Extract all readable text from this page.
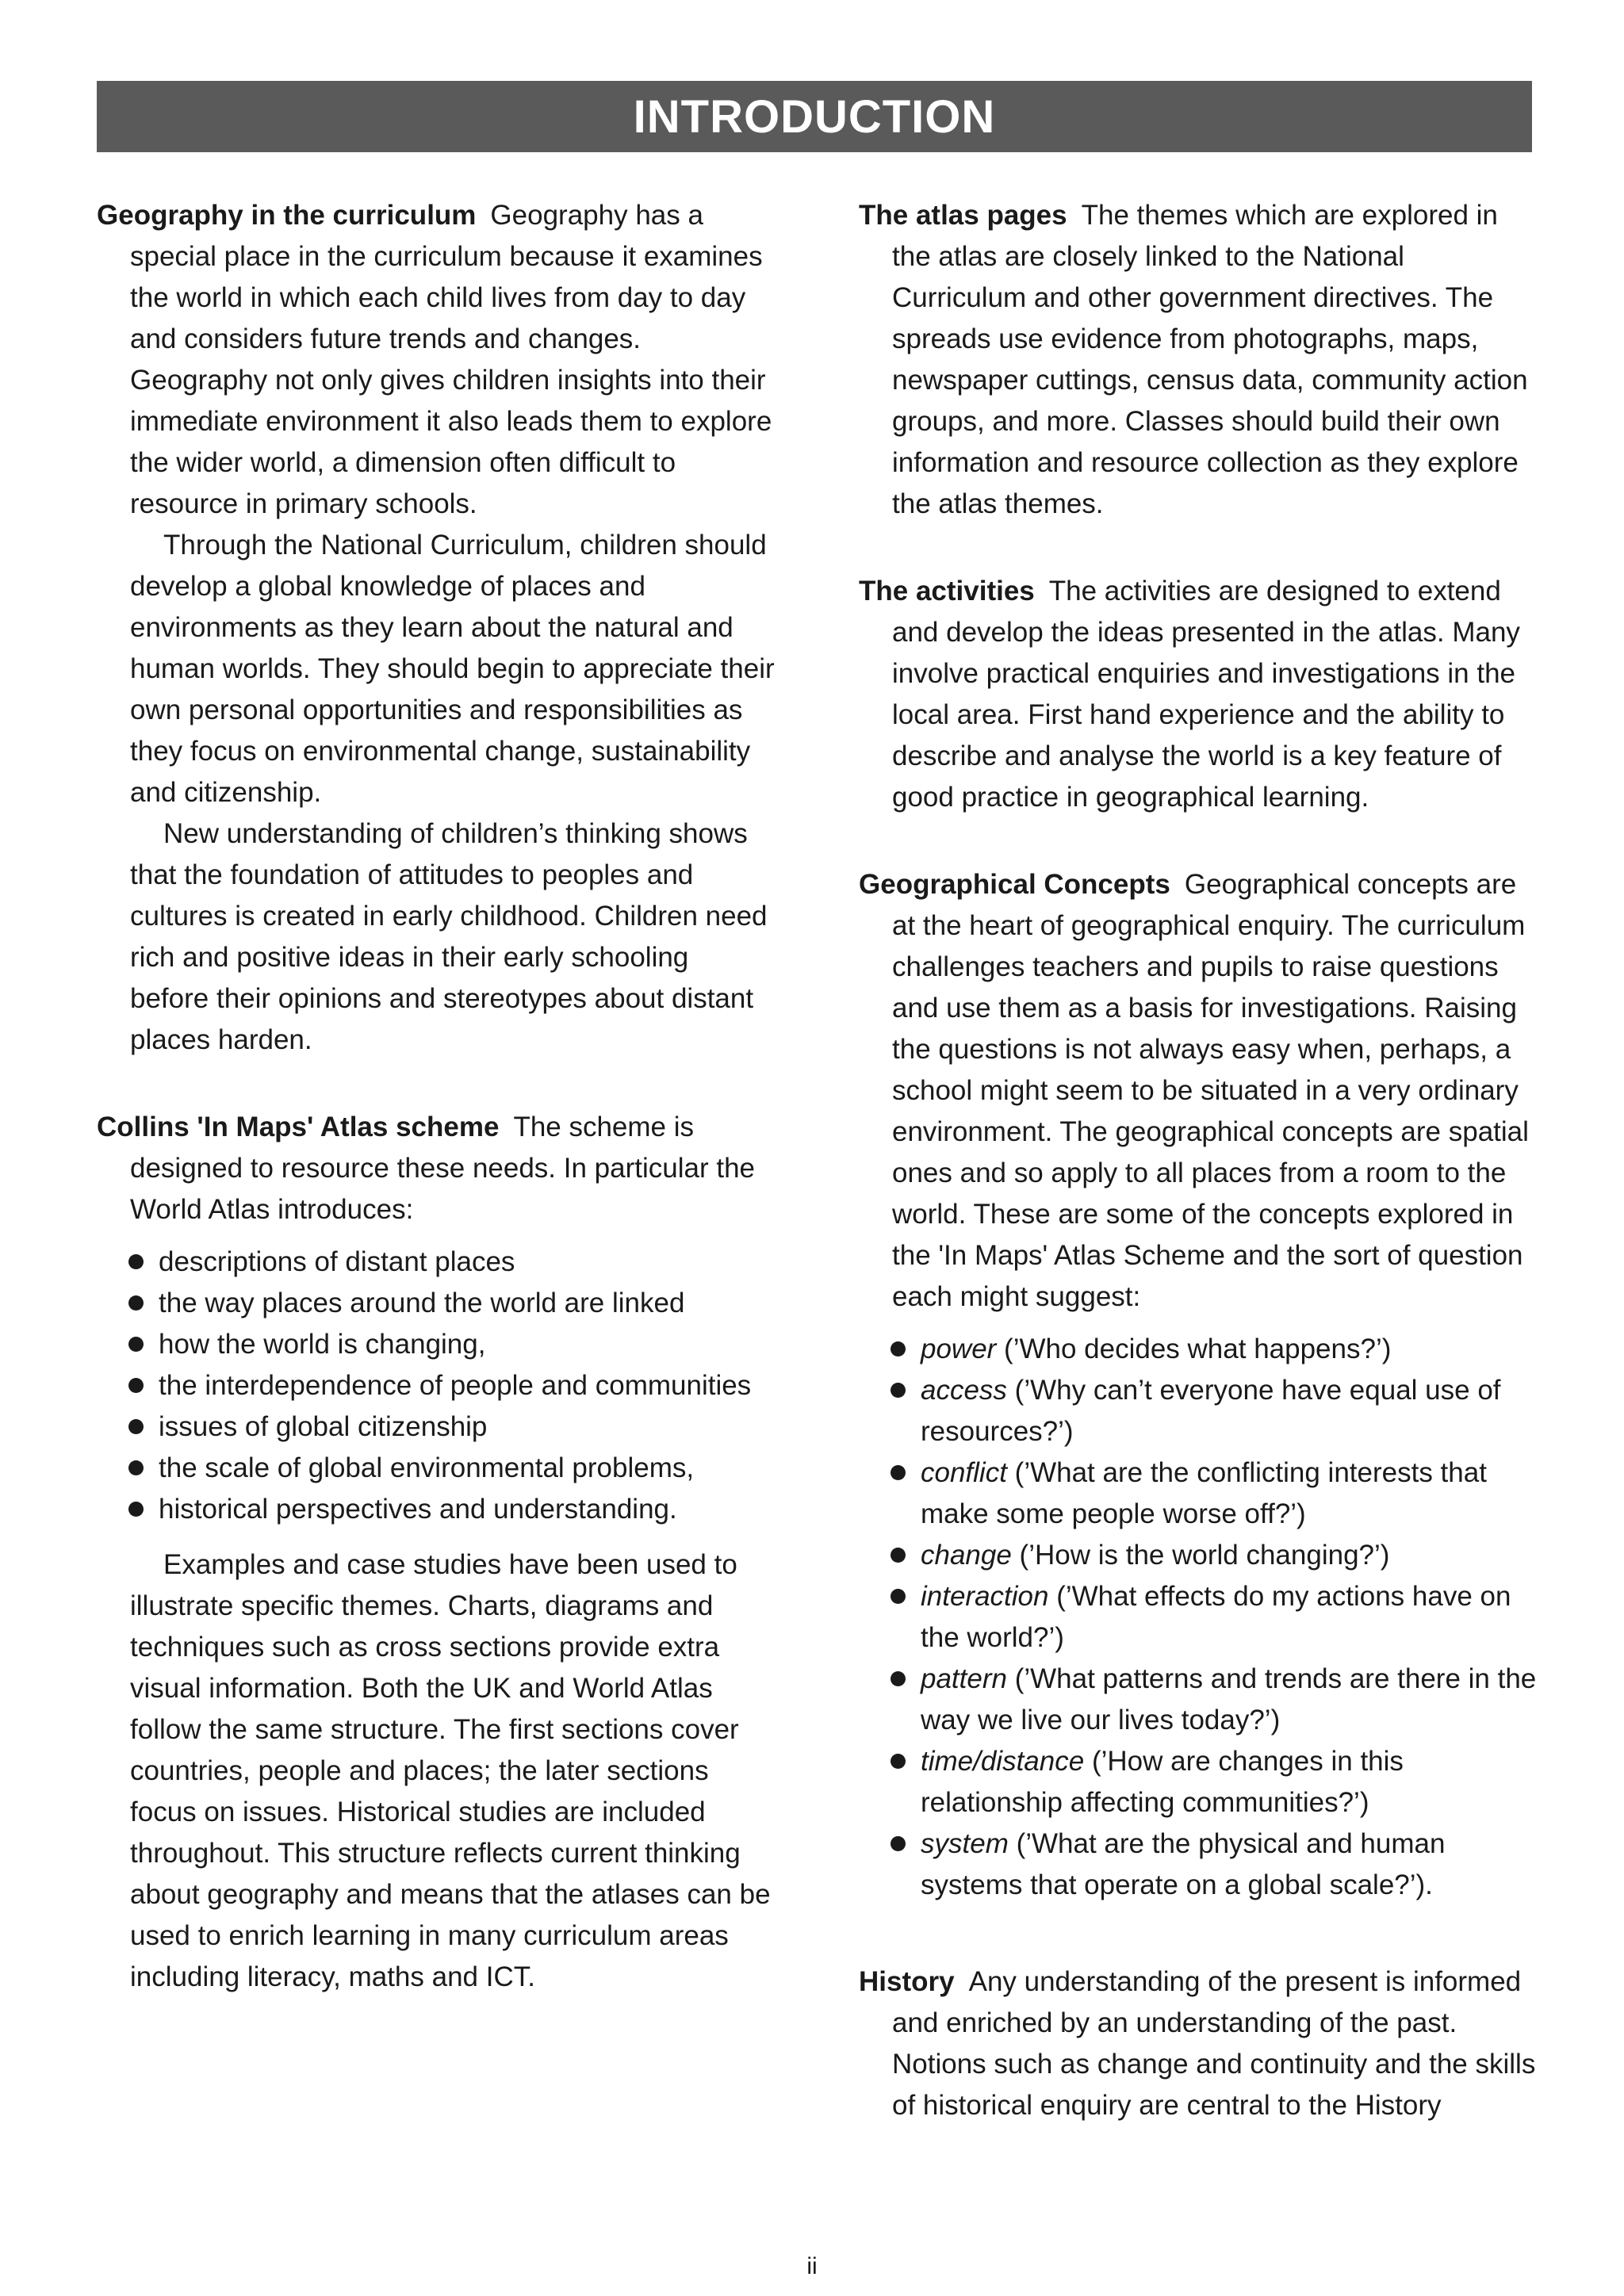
INTRODUCTION

Geography in the curriculum Geography has a special place in the curriculum because it examines the world in which each child lives from day to day and considers future trends and changes. Geography not only gives children insights into their immediate environment it also leads them to explore the wider world, a dimension often difficult to resource in primary schools.

Through the National Curriculum, children should develop a global knowledge of places and environments as they learn about the natural and human worlds. They should begin to appreciate their own personal opportunities and responsibilities as they focus on environmental change, sustainability and citizenship.

New understanding of children’s thinking shows that the foundation of attitudes to peoples and cultures is created in early childhood. Children need rich and positive ideas in their early schooling before their opinions and stereotypes about distant places harden.

Collins 'In Maps' Atlas scheme The scheme is designed to resource these needs. In particular the World Atlas introduces:

descriptions of distant places
the way places around the world are linked
how the world is changing,
the interdependence of people and communities
issues of global citizenship
the scale of global environmental problems,
historical perspectives and understanding.

Examples and case studies have been used to illustrate specific themes. Charts, diagrams and techniques such as cross sections provide extra visual information. Both the UK and World Atlas follow the same structure. The first sections cover countries, people and places; the later sections focus on issues. Historical studies are included throughout. This structure reflects current thinking about geography and means that the atlases can be used to enrich learning in many curriculum areas including literacy, maths and ICT.

The atlas pages The themes which are explored in the atlas are closely linked to the National Curriculum and other government directives. The spreads use evidence from photographs, maps, newspaper cuttings, census data, community action groups, and more. Classes should build their own information and resource collection as they explore the atlas themes.

The activities The activities are designed to extend and develop the ideas presented in the atlas. Many involve practical enquiries and investigations in the local area. First hand experience and the ability to describe and analyse the world is a key feature of good practice in geographical learning.

Geographical Concepts Geographical concepts are at the heart of geographical enquiry. The curriculum challenges teachers and pupils to raise questions and use them as a basis for investigations. Raising the questions is not always easy when, perhaps, a school might seem to be situated in a very ordinary environment. The geographical concepts are spatial ones and so apply to all places from a room to the world. These are some of the concepts explored in the 'In Maps' Atlas Scheme and the sort of question each might suggest:

power (’Who decides what happens?’)
access (’Why can’t everyone have equal use of resources?’)
conflict (’What are the conflicting interests that make some people worse off?’)
change (’How is the world changing?’)
interaction (’What effects do my actions have on the world?’)
pattern (’What patterns and trends are there in the way we live our lives today?’)
time/distance (’How are changes in this relationship affecting communities?’)
system (’What are the physical and human systems that operate on a global scale?’).

History Any understanding of the present is informed and enriched by an understanding of the past. Notions such as change and continuity and the skills of historical enquiry are central to the History

ii
